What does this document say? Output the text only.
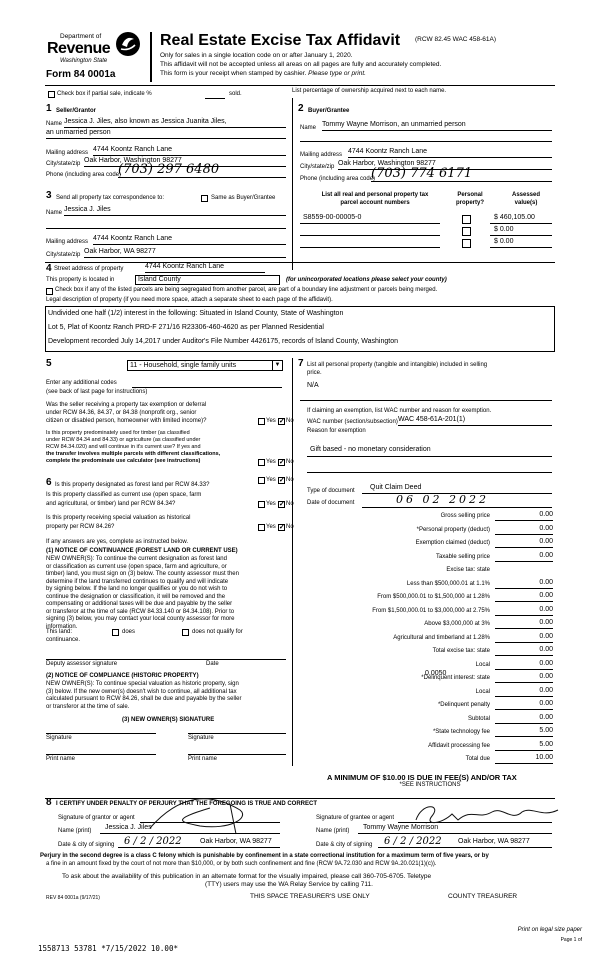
Department of
Revenue
Washington State
Form 84 0001a
Real Estate Excise Tax Affidavit (RCW 82.45 WAC 458-61A)
Only for sales in a single location code on or after January 1, 2020.
This affidavit will not be accepted unless all areas on all pages are fully and accurately completed.
This form is your receipt when stamped by cashier. Please type or print.
Check box if partial sale, indicate %	sold.	List percentage of ownership acquired next to each name.
1 Seller/Grantor
Name Jessica J. Jiles, also known as Jessica Juanita Jiles,
an unmarried person
Mailing address 4744 Koontz Ranch Lane
City/state/zip Oak Harbor, Washington 98277
Phone (including area code)
(703) 297 6480
2 Buyer/Grantee
Name Tommy Wayne Morrison, an unmarried person
Mailing address 4744 Koontz Ranch Lane
City/state/zip Oak Harbor, Washington 98277
Phone (including area code)
(703) 774 6171
3 Send all property tax correspondence to:	Same as Buyer/Grantee
Name Jessica J. Jiles
Mailing address 4744 Koontz Ranch Lane
City/state/zip Oak Harbor, WA 98277
List all real and personal property tax
parcel account numbers
Personal
property?
Assessed
value(s)
S8559-00-00005-0	$ 460,105.00
$ 0.00
$ 0.00
4 Street address of property	4744 Koontz Ranch Lane
This property is located in	Island County	(for unincorporated locations please select your county)
Check box if any of the listed parcels are being segregated from another parcel, are part of a boundary line adjustment or parcels being merged.
Legal description of property (if you need more space, attach a separate sheet to each page of the affidavit).
Undivided one half (1/2) interest in the following: Situated in Island County, State of Washington
Lot 5, Plat of Koontz Ranch PRD-F 271/16 R23306-460-4620 as per Planned Residential
Development recorded July 14,2017 under Auditor's File Number 4426175, records of Island County, Washington
5	11 - Household, single family units	▼
Enter any additional codes
(see back of last page for instructions)
Was the seller receiving a property tax exemption or deferral
under RCW 84.36, 84.37, or 84.38 (nonprofit org., senior
citizen or disabled person, homeowner with limited income)?	Yes ✓ No
Is this property predominately used for timber (as classified
under RCW 84.34 and 84.33) or agriculture (as classified under
RCW 84.34.020) and will continue in it's current use? If yes and
the transfer involves multiple parcels with different classifications,
complete the predominate use calculator (see instructions)	Yes ✓ No
6 Is this property designated as forest land per RCW 84.33?
Yes ✓ No
Is this property classified as current use (open space, farm
and agricultural, or timber) land per RCW 84.34?	Yes ✓ No
Is this property receiving special valuation as historical
property per RCW 84.26?	Yes ✓ No
If any answers are yes, complete as instructed below.
(1) NOTICE OF CONTINUANCE (FOREST LAND OR CURRENT USE)
NEW OWNER(S): To continue the current designation as forest land
or classification as current use (open space, farm and agriculture, or
timber) land, you must sign on (3) below. The county assessor must then
determine if the land transferred continues to qualify and will indicate
by signing below. If the land no longer qualifies or you do not wish to
continue the designation or classification, it will be removed and the
compensating or additional taxes will be due and payable by the seller
or transferor at the time of sale (RCW 84.33.140 or 84.34.108). Prior to
signing (3) below, you may contact your local county assessor for more
information.
This land:
continuance.
does	does not qualify for
Deputy assessor signature	Date
(2) NOTICE OF COMPLIANCE (HISTORIC PROPERTY)
NEW OWNER(S): To continue special valuation as historic property, sign
(3) below. If the new owner(s) doesn't wish to continue, all additional tax
calculated pursuant to RCW 84.26, shall be due and payable by the seller
or transferor at the time of sale.
(3) NEW OWNER(S) SIGNATURE
Signature	Signature
Print name	Print name
7 List all personal property (tangible and intangible) included in selling
price.
N/A
If claiming an exemption, list WAC number and reason for exemption.
WAC number (section/subsection) WAC 458-61A-201(1)
Reason for exemption
Gift based - no monetary consideration
Type of document Quit Claim Deed
Date of document	06 02 2022
Gross selling price	0.00
*Personal property (deduct)	0.00
Exemption claimed (deduct)	0.00
Taxable selling price	0.00
Excise tax: state
Less than $500,000.01 at 1.1%	0.00
From $500,000.01 to $1,500,000 at 1.28%	0.00
From $1,500,000.01 to $3,000,000 at 2.75%	0.00
Above $3,000,000 at 3%	0.00
Agricultural and timberland at 1.28%	0.00
Total excise tax: state	0.00
Local	0.00
*Delinquent interest: state	0.00
Local	0.00
*Delinquent penalty	0.00
Subtotal	0.00
*State technology fee	5.00
Affidavit processing fee	5.00
Total due	10.00
0.0050
A MINIMUM OF $10.00 IS DUE IN FEE(S) AND/OR TAX
*SEE INSTRUCTIONS
8 I CERTIFY UNDER PENALTY OF PERJURY THAT THE FOREGOING IS TRUE AND CORRECT
Signature of grantor or agent
Name (print) Jessica J. Jiles
Date & city of signing 6 / 2 / 2022	Oak Harbor, WA 98277
Signature of grantee or agent
Name (print) Tommy Wayne Morrison
Date & city of signing 6 / 2 / 2022 Oak Harbor, WA 98277
Perjury in the second degree is a class C felony which is punishable by confinement in a state correctional institution for a maximum term of five years, or by
a fine in an amount fixed by the court of not more than $10,000, or by both such confinement and fine (RCW 9A.72.030 and RCW 9A.20.021(1)(c)).
To ask about the availability of this publication in an alternate format for the visually impaired, please call 360-705-6705. Teletype
(TTY) users may use the WA Relay Service by calling 711.
REV 84 0001a (9/17/21)	THIS SPACE TREASURER'S USE ONLY	COUNTY TREASURER
Print on legal size paper
Page 1 of
1558713 53781 *7/15/2022 10.00*
